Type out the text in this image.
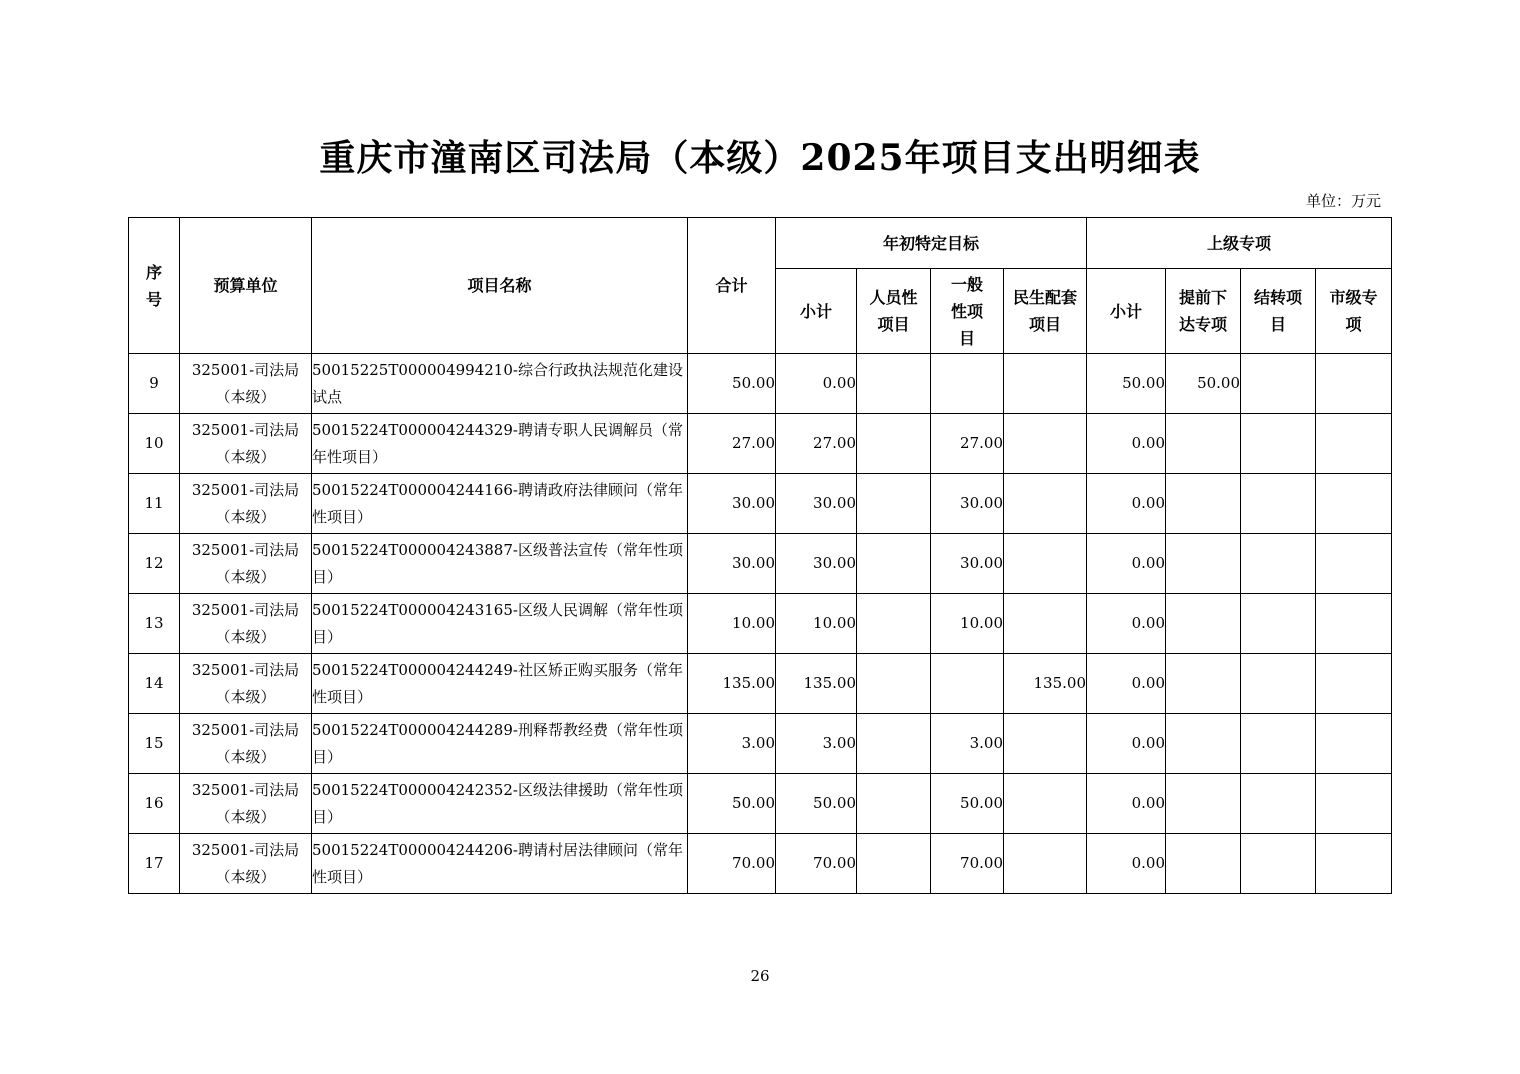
重庆市潼南区司法局（本级）2025年项目支出明细表
单位：万元
序号	预算单位	项目名称	合计	年初特定目标				上级专项			
				小计	人员性项目	一般性项目	民生配套项目	小计	提前下达专项	结转项目	市级专项
9	325001-司法局（本级）	50015225T000004994210-综合行政执法规范化建设试点	50.00	0.00				50.00	50.00		
10	325001-司法局（本级）	50015224T000004244329-聘请专职人民调解员（常年性项目）	27.00	27.00		27.00		0.00			
11	325001-司法局（本级）	50015224T000004244166-聘请政府法律顾问（常年性项目）	30.00	30.00		30.00		0.00			
12	325001-司法局（本级）	50015224T000004243887-区级普法宣传（常年性项目）	30.00	30.00		30.00		0.00			
13	325001-司法局（本级）	50015224T000004243165-区级人民调解（常年性项目）	10.00	10.00		10.00		0.00			
14	325001-司法局（本级）	50015224T000004244249-社区矫正购买服务（常年性项目）	135.00	135.00			135.00	0.00			
15	325001-司法局（本级）	50015224T000004244289-刑释帮教经费（常年性项目）	3.00	3.00		3.00		0.00			
16	325001-司法局（本级）	50015224T000004242352-区级法律援助（常年性项目）	50.00	50.00		50.00		0.00			
17	325001-司法局（本级）	50015224T000004244206-聘请村居法律顾问（常年性项目）	70.00	70.00		70.00		0.00			
26
